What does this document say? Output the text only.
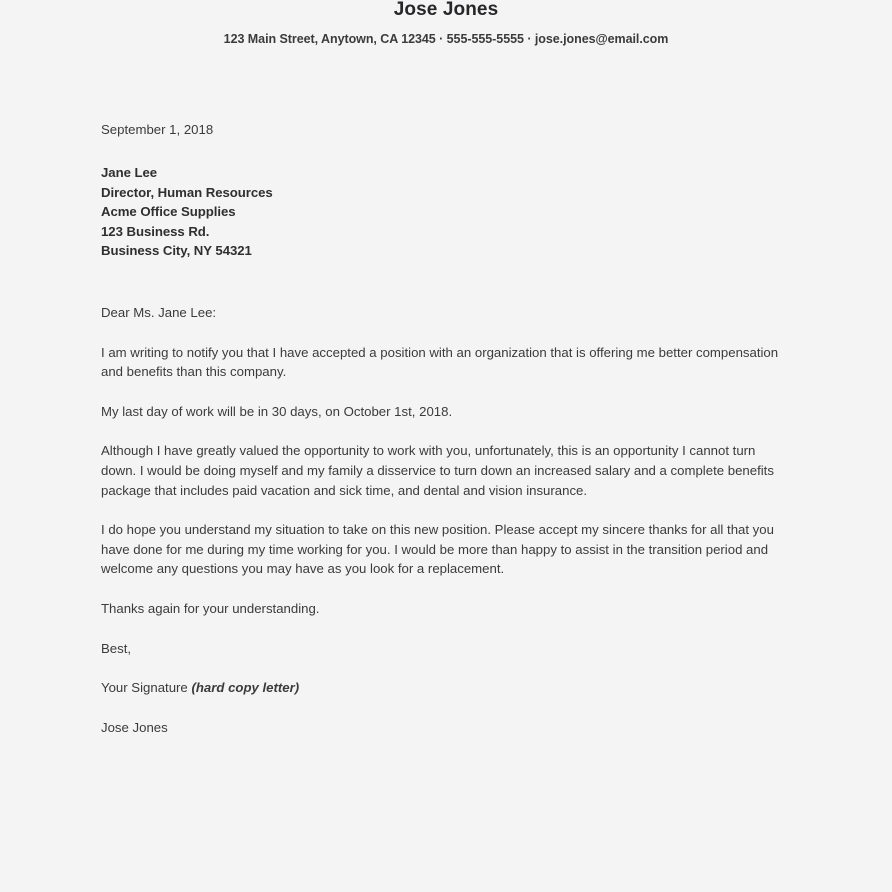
Jose Jones
123 Main Street, Anytown, CA 12345 · 555-555-5555 · jose.jones@email.com
September 1, 2018
Jane Lee
Director, Human Resources
Acme Office Supplies
123 Business Rd.
Business City, NY 54321
Dear Ms. Jane Lee:

I am writing to notify you that I have accepted a position with an organization that is offering me better compensation and benefits than this company.

My last day of work will be in 30 days, on October 1st, 2018.

Although I have greatly valued the opportunity to work with you, unfortunately, this is an opportunity I cannot turn down. I would be doing myself and my family a disservice to turn down an increased salary and a complete benefits package that includes paid vacation and sick time, and dental and vision insurance.

I do hope you understand my situation to take on this new position. Please accept my sincere thanks for all that you have done for me during my time working for you. I would be more than happy to assist in the transition period and welcome any questions you may have as you look for a replacement.

Thanks again for your understanding.

Best,
Your Signature (hard copy letter)
Jose Jones
